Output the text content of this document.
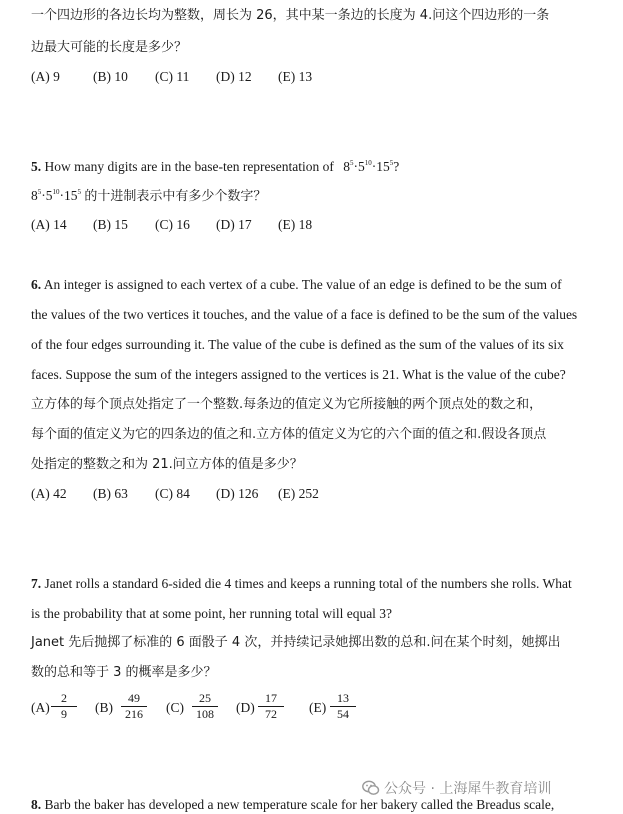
一个四边形的各边长均为整数，周长为 26，其中某一条边的长度为 4.问这个四边形的一条
边最大可能的长度是多少？
(A) 9 (B) 10 (C) 11 (D) 12 (E) 13
5. How many digits are in the base-ten representation of $8^5\cdot 5^{10}\cdot 15^5$?
$8^5\cdot 5^{10}\cdot 15^5$ 的十进制表示中有多少个数字？
(A) 14 (B) 15 (C) 16 (D) 17 (E) 18
6. An integer is assigned to each vertex of a cube. The value of an edge is defined to be the sum of
the values of the two vertices it touches, and the value of a face is defined to be the sum of the values
of the four edges surrounding it. The value of the cube is defined as the sum of the values of its six
faces. Suppose the sum of the integers assigned to the vertices is 21. What is the value of the cube?
立方体的每个顶点处指定了一个整数.每条边的值定义为它所接触的两个顶点处的数之和，
每个面的值定义为它的四条边的值之和.立方体的值定义为它的六个面的值之和.假设各顶点
处指定的整数之和为 21.问立方体的值是多少？
(A) 42 (B) 63 (C) 84 (D) 126 (E) 252
7. Janet rolls a standard 6-sided die 4 times and keeps a running total of the numbers she rolls. What
is the probability that at some point, her running total will equal 3?
Janet 先后抛掷了标准的 6 面骰子 4 次，并持续记录她掷出数的总和.问在某个时刻，她掷出
数的总和等于 3 的概率是多少？
$(A) \frac{2}{9} (B) \frac{49}{216} (C) \frac{25}{108} (D) \frac{17}{72} (E) \frac{13}{54}$
公众号 · 上海犀牛教育培训
8. Barb the baker has developed a new temperature scale for her bakery called the Breadus scale,
